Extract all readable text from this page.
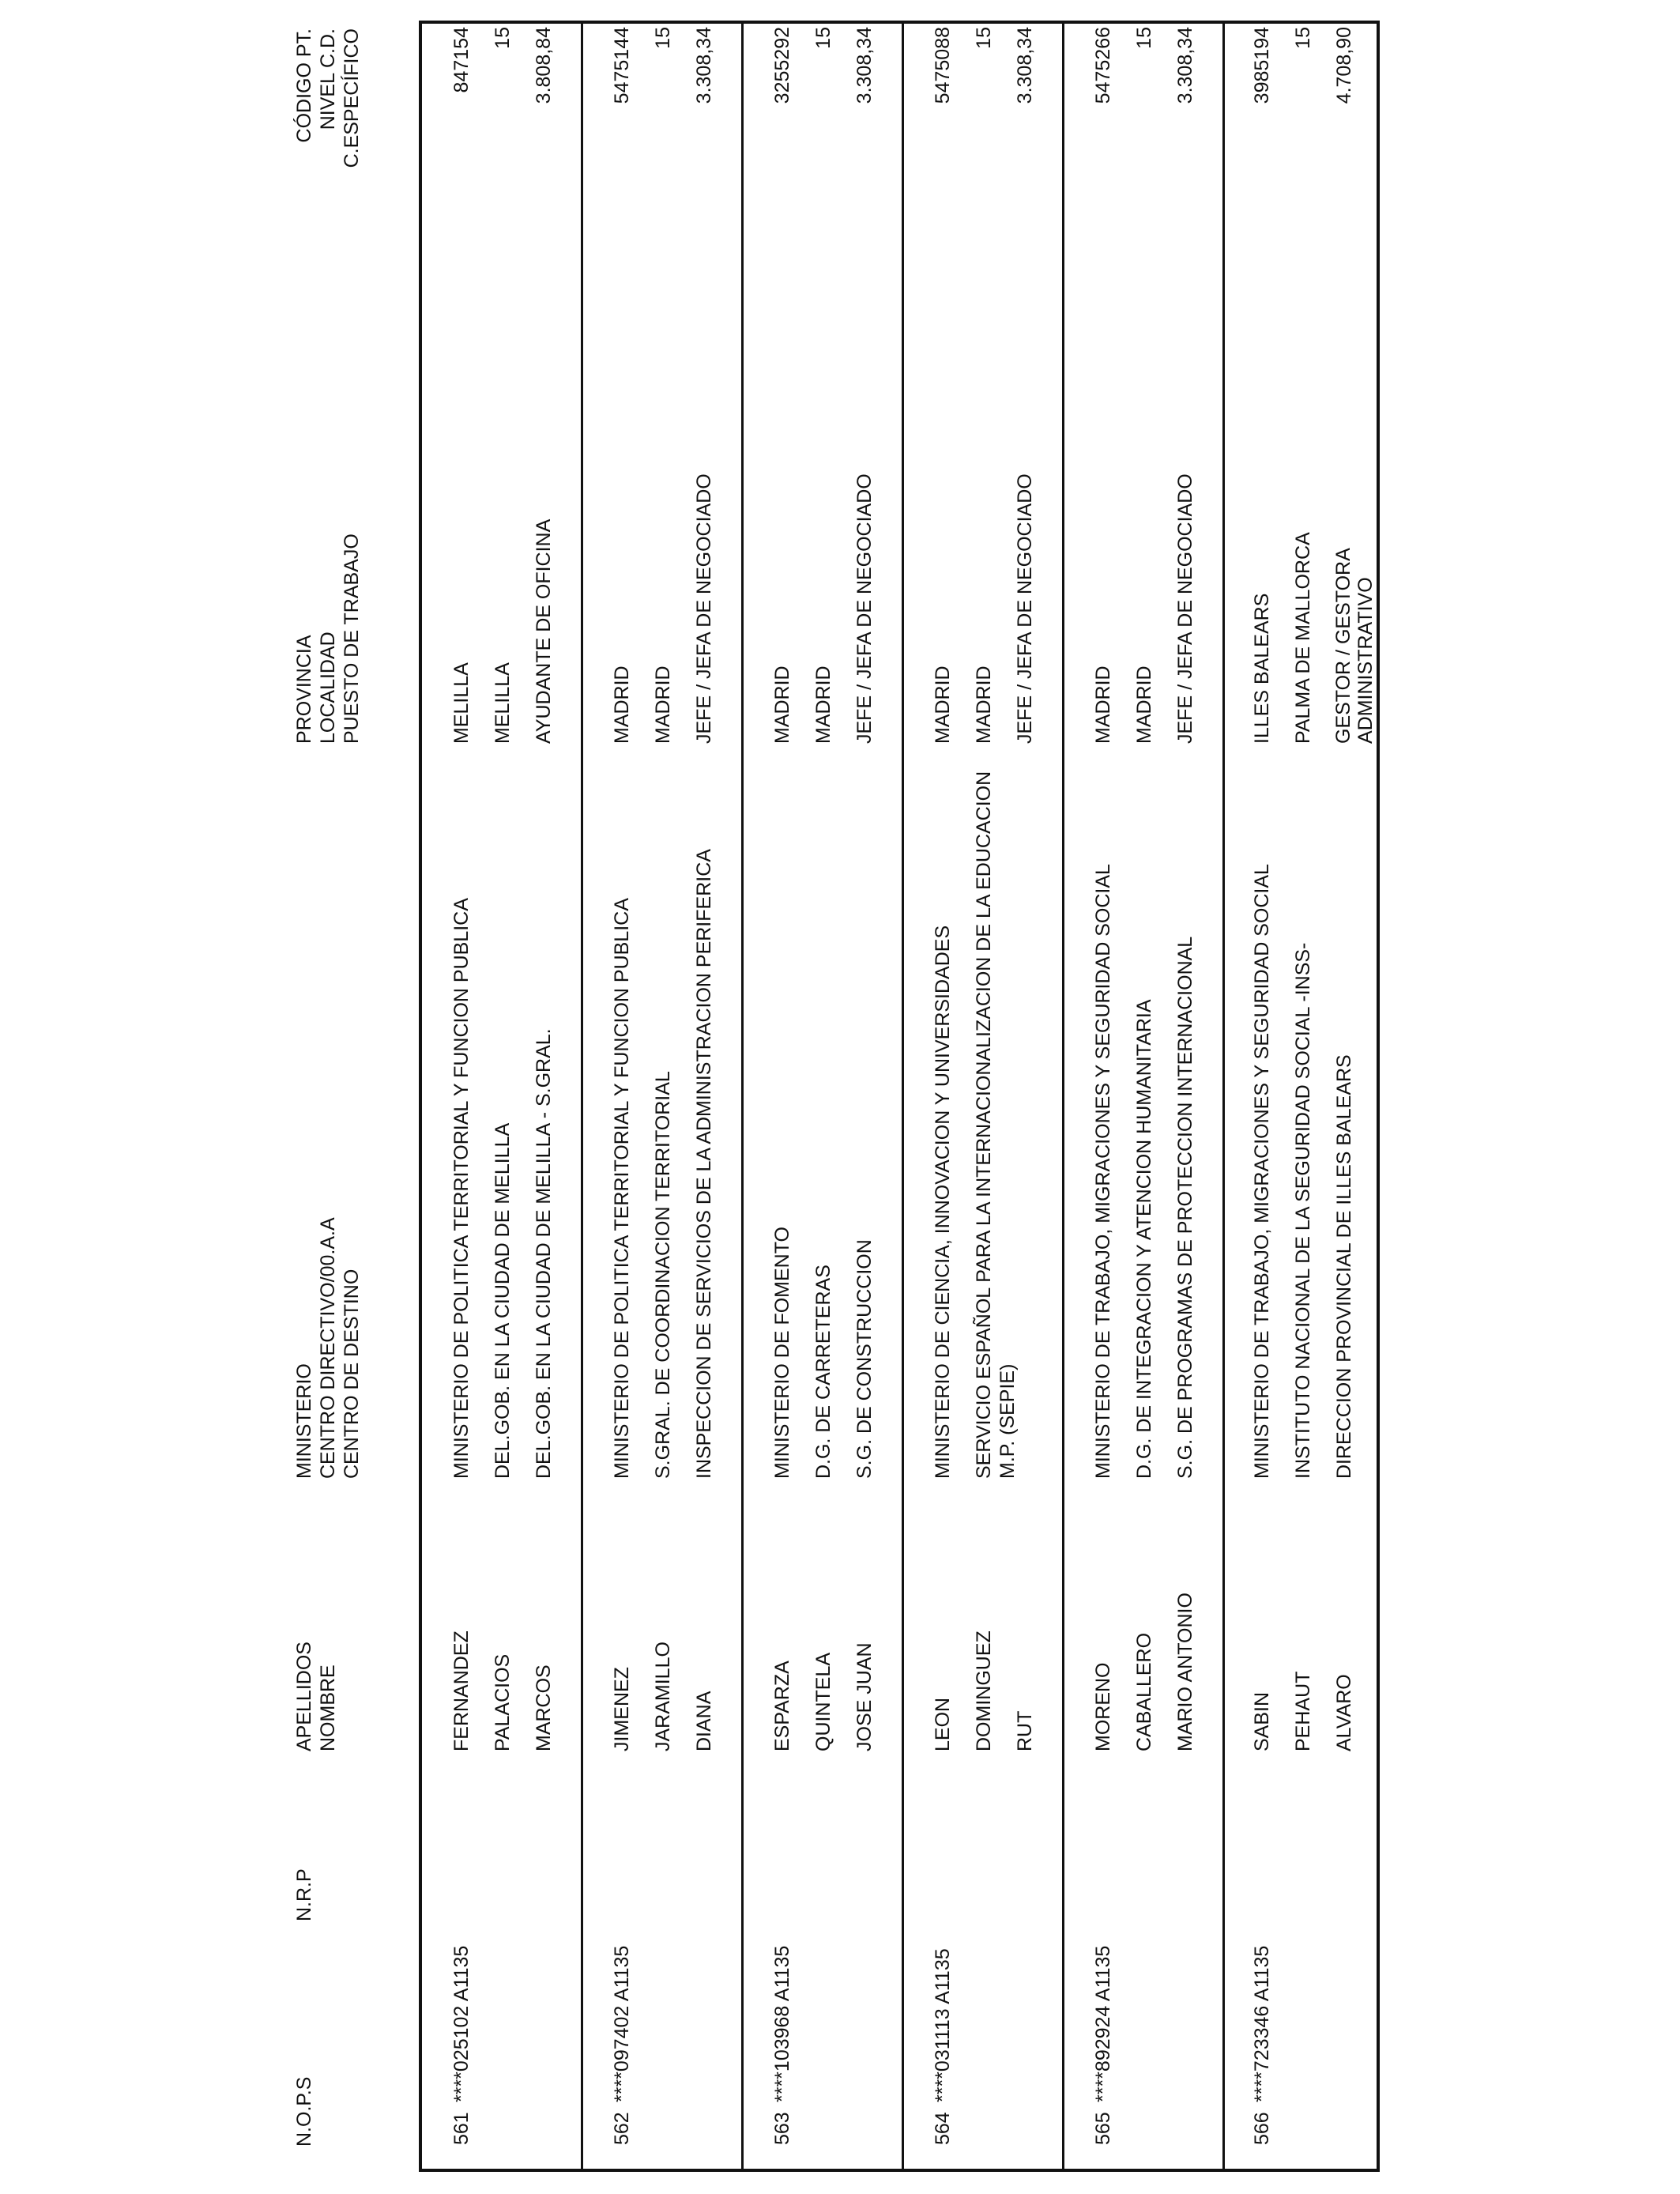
N.O.P.S
N.R.P
APELLIDOS NOMBRE
MINISTERIO CENTRO DIRECTIVO/00.A.A CENTRO DE DESTINO
PROVINCIA LOCALIDAD PUESTO DE TRABAJO
CÓDIGO PT. NIVEL C.D. C.ESPECÍFICO
561
****025102 A1135
FERNANDEZ PALACIOS MARCOS
MINISTERIO DE POLITICA TERRITORIAL Y FUNCION PUBLICA DEL.GOB. EN LA CIUDAD DE MELILLA DEL.GOB. EN LA CIUDAD DE MELILLA - S.GRAL.
MELILLA MELILLA AYUDANTE DE OFICINA
847154 15 3.808,84
562
****097402 A1135
JIMENEZ JARAMILLO DIANA
MINISTERIO DE POLITICA TERRITORIAL Y FUNCION PUBLICA S.GRAL. DE COORDINACION TERRITORIAL INSPECCION DE SERVICIOS DE LA ADMINISTRACION PERIFERICA
MADRID MADRID JEFE / JEFA DE NEGOCIADO
5475144 15 3.308,34
563
****103968 A1135
ESPARZA QUINTELA JOSE JUAN
MINISTERIO DE FOMENTO D.G. DE CARRETERAS S.G. DE CONSTRUCCION
MADRID MADRID JEFE / JEFA DE NEGOCIADO
3255292 15 3.308,34
564
****031113 A1135
LEON DOMINGUEZ RUT
MINISTERIO DE CIENCIA, INNOVACION Y UNIVERSIDADES SERVICIO ESPAÑOL PARA LA INTERNACIONALIZACION DE LA EDUCACION M.P. (SEPIE)
MADRID MADRID JEFE / JEFA DE NEGOCIADO
5475088 15 3.308,34
565
****892924 A1135
MORENO CABALLERO MARIO ANTONIO
MINISTERIO DE TRABAJO, MIGRACIONES Y SEGURIDAD SOCIAL D.G. DE INTEGRACION Y ATENCION HUMANITARIA S.G. DE PROGRAMAS DE PROTECCION INTERNACIONAL
MADRID MADRID JEFE / JEFA DE NEGOCIADO
5475266 15 3.308,34
566
****723346 A1135
SABIN PEHAUT ALVARO
MINISTERIO DE TRABAJO, MIGRACIONES Y SEGURIDAD SOCIAL INSTITUTO NACIONAL DE LA SEGURIDAD SOCIAL -INSS- DIRECCION PROVINCIAL DE ILLES BALEARS
ILLES BALEARS PALMA DE MALLORCA GESTOR / GESTORA ADMINISTRATIVO
3985194 15 4.708,90
